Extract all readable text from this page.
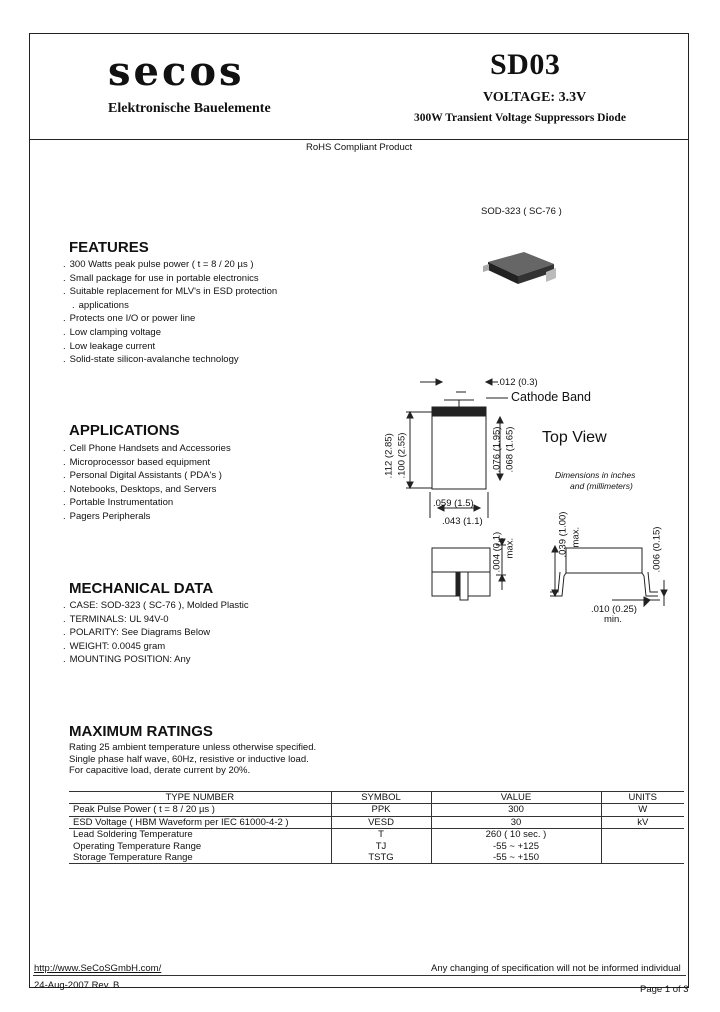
secos
Elektronische Bauelemente
SD03
VOLTAGE: 3.3V
300W Transient Voltage Suppressors Diode
RoHS Compliant Product
SOD-323 ( SC-76 )
FEATURES
. 300 Watts peak pulse power ( t = 8 / 20 µs )
. Small package for use in portable electronics
. Suitable replacement for MLV's in ESD protection
. applications
. Protects one I/O or power line
. Low clamping voltage
. Low leakage current
. Solid-state silicon-avalanche technology
APPLICATIONS
. Cell Phone Handsets and Accessories
. Microprocessor based equipment
. Personal Digital Assistants ( PDA's )
. Notebooks, Desktops, and Servers
. Portable Instrumentation
. Pagers Peripherals
MECHANICAL DATA
. CASE: SOD-323 ( SC-76 ), Molded Plastic
. TERMINALS: UL 94V-0
. POLARITY: See Diagrams Below
. WEIGHT: 0.0045 gram
. MOUNTING POSITION: Any
.012 (0.3)
Cathode Band
Top View
Dimensions in inches
and (millimeters)
.059 (1.5)
.043 (1.1)
.010 (0.25)
min.
.112 (2.85) .100 (2.55)	.076 (1.95) .068 (1.65)
.004 (0.1) max.	.039 (1.00) max.	.006 (0.15)
MAXIMUM RATINGS
Rating 25 ambient temperature unless otherwise specified.
Single phase half wave, 60Hz, resistive or inductive load.
For capacitive load, derate current by 20%.
TYPE NUMBER	SYMBOL	VALUE	UNITS
Peak Pulse Power ( t = 8 / 20 µs )	PPK	300	W
ESD Voltage ( HBM Waveform per IEC 61000-4-2 )	VESD	30	kV
Lead Soldering Temperature	T	260 ( 10 sec. )	
Operating Temperature Range	TJ	-55 ~ +125	
Storage Temperature Range	TSTG	-55 ~ +150	
http://www.SeCoSGmbH.com/	Any changing of specification will not be informed individual
24-Aug-2007 Rev. B	Page 1 of 3
